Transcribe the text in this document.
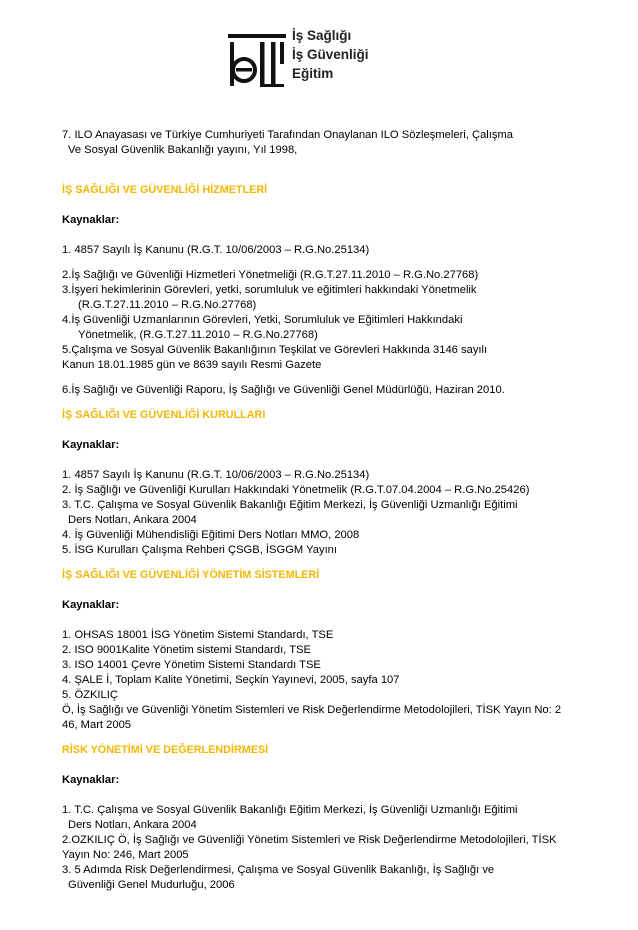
İş Sağlığı
İş Güvenliği
Eğitim
7. ILO Anayasası ve Türkiye Cumhuriyeti Tarafından Onaylanan ILO Sözleşmeleri, Çalışma
Ve Sosyal Güvenlik Bakanlığı yayını, Yıl 1998,
İŞ SAĞLIĞI VE GÜVENLİĞİ HİZMETLERİ
Kaynaklar:
1. 4857 Sayılı İş Kanunu (R.G.T. 10/06/2003 – R.G.No.25134)
2.İş Sağlığı ve Güvenliği Hizmetleri Yönetmeliği (R.G.T.27.11.2010 – R.G.No.27768)
3.İşyeri hekimlerinin Görevleri, yetki, sorumluluk ve eğitimleri hakkındaki Yönetmelik
(R.G.T.27.11.2010 – R.G.No.27768)
4.İş Güvenliği Uzmanlarının Görevleri, Yetki, Sorumluluk ve Eğitimleri Hakkındaki
Yönetmelik, (R.G.T.27.11.2010 – R.G.No.27768)
5.Çalışma ve Sosyal Güvenlik Bakanlığının Teşkilat ve Görevleri Hakkında 3146 sayılı
Kanun 18.01.1985 gün ve 8639 sayılı Resmi Gazete
6.İş Sağlığı ve Güvenliği Raporu, İş Sağlığı ve Güvenliği Genel Müdürlüğü, Haziran 2010.
İŞ SAĞLIĞI VE GÜVENLİĞİ KURULLARI
Kaynaklar:
1. 4857 Sayılı İş Kanunu (R.G.T. 10/06/2003 – R.G.No.25134)
2. İş Sağlığı ve Güvenliği Kurulları Hakkındaki Yönetmelik (R.G.T.07.04.2004 – R.G.No.25426)
3. T.C. Çalışma ve Sosyal Güvenlik Bakanlığı Eğitim Merkezi, İş Güvenliği Uzmanlığı Eğitimi
Ders Notları, Ankara 2004
4. İş Güvenliği Mühendisliği Eğitimi Ders Notları MMO, 2008
5. İSG Kurulları Çalışma Rehberi ÇSGB, İSGGM Yayını
İŞ SAĞLIĞI VE GÜVENLİĞİ YÖNETİM SİSTEMLERİ
Kaynaklar:
1. OHSAS 18001 İSG Yönetim Sistemi Standardı, TSE
2. ISO 9001Kalite Yönetim sistemi Standardı, TSE
3. ISO 14001 Çevre Yönetim Sistemi Standardı TSE
4. ŞALE İ, Toplam Kalite Yönetimi, Seçkin Yayınevi, 2005, sayfa 107
5. ÖZKILIÇ
Ö, İş Sağlığı ve Güvenliği Yönetim Sistemleri ve Risk Değerlendirme Metodolojileri, TİSK Yayın No: 2
46, Mart 2005
RİSK YÖNETİMİ VE DEĞERLENDİRMESİ
Kaynaklar:
1. T.C. Çalışma ve Sosyal Güvenlik Bakanlığı Eğitim Merkezi, İş Güvenliği Uzmanlığı Eğitimi
Ders Notları, Ankara 2004
2.OZKILIÇ Ö, İş Sağlığı ve Güvenliği Yönetim Sistemleri ve Risk Değerlendirme Metodolojileri, TİSK
Yayın No: 246, Mart 2005
3. 5 Adımda Risk Değerlendirmesi, Çalışma ve Sosyal Güvenlik Bakanlığı, İş Sağlığı ve
Güvenliği Genel Mudurluğu, 2006
